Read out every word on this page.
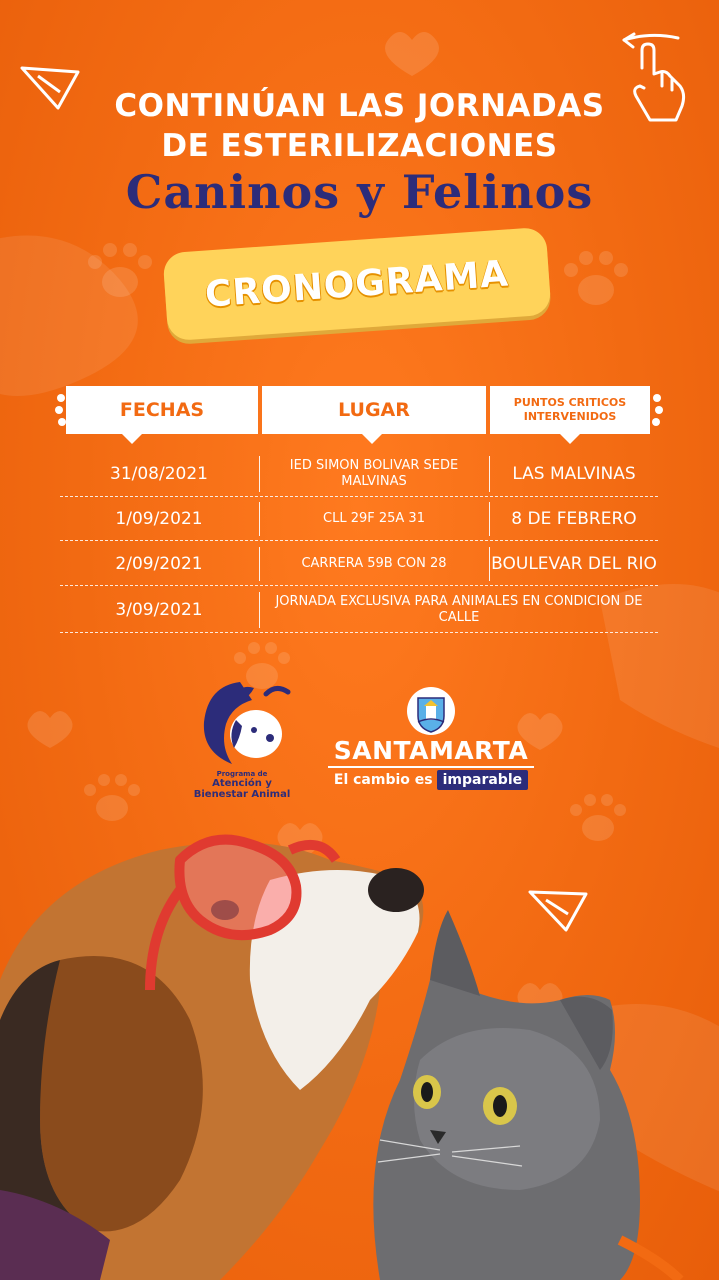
CONTINÚAN LAS JORNADAS
DE ESTERILIZACIONES
Caninos y Felinos
CRONOGRAMA
FECHAS	LUGAR	PUNTOS CRITICOS INTERVENIDOS
31/08/2021	IED SIMON BOLIVAR SEDE MALVINAS	LAS MALVINAS
1/09/2021	CLL 29F 25A 31	8 DE FEBRERO
2/09/2021	CARRERA 59B CON 28	BOULEVAR DEL RIO
3/09/2021	JORNADA EXCLUSIVA PARA ANIMALES EN CONDICION DE CALLE
Programa de
Atención y
Bienestar Animal
SANTAMARTA
El cambio es imparable
